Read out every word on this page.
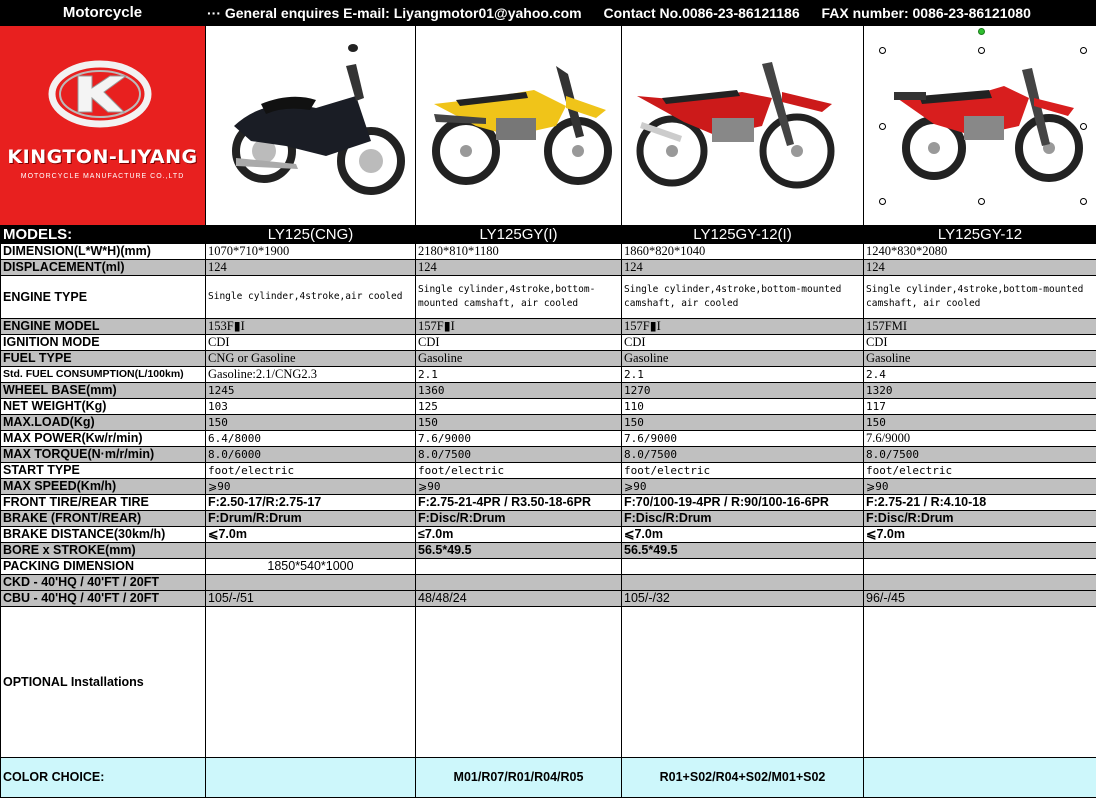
Motorcycle	··· General enquires E-mail: Liyangmotor01@yahoo.com Contact No.0086-23-86121186 FAX number: 0086-23-86121080
KINGTON-LIYANG
MOTORCYCLE MANUFACTURE CO.,LTD
MODELS:	LY125(CNG)	LY125GY(I)	LY125GY-12(I)	LY125GY-12
DIMENSION(L*W*H)(mm)	1070*710*1900	2180*810*1180	1860*820*1040	1240*830*2080
DISPLACEMENT(ml)	124	124	124	124
ENGINE TYPE	Single cylinder,4stroke,air cooled	Single cylinder,4stroke,bottom-mounted camshaft, air cooled	Single cylinder,4stroke,bottom-mounted camshaft, air cooled	Single cylinder,4stroke,bottom-mounted camshaft, air cooled
ENGINE MODEL	153F▮I	157F▮I	157F▮I	157FMI
IGNITION MODE	CDI	CDI	CDI	CDI
FUEL TYPE	CNG or Gasoline	Gasoline	Gasoline	Gasoline
Std. FUEL CONSUMPTION(L/100km)	Gasoline:2.1/CNG2.3	2.1	2.1	2.4
WHEEL BASE(mm)	1245	1360	1270	1320
NET WEIGHT(Kg)	103	125	110	117
MAX.LOAD(Kg)	150	150	150	150
MAX POWER(Kw/r/min)	6.4/8000	7.6/9000	7.6/9000	7.6/9000
MAX TORQUE(N·m/r/min)	8.0/6000	8.0/7500	8.0/7500	8.0/7500
START TYPE	foot/electric	foot/electric	foot/electric	foot/electric
MAX SPEED(Km/h)	⩾90	⩾90	⩾90	⩾90
FRONT TIRE/REAR TIRE	F:2.50-17/R:2.75-17	F:2.75-21-4PR / R3.50-18-6PR	F:70/100-19-4PR / R:90/100-16-6PR	F:2.75-21 / R:4.10-18
BRAKE (FRONT/REAR)	F:Drum/R:Drum	F:Disc/R:Drum	F:Disc/R:Drum	F:Disc/R:Drum
BRAKE DISTANCE(30km/h)	⩽7.0m	≤7.0m	⩽7.0m	⩽7.0m
BORE x STROKE(mm)		56.5*49.5	56.5*49.5	
PACKING DIMENSION	1850*540*1000			
CKD - 40'HQ / 40'FT / 20FT				
CBU - 40'HQ / 40'FT / 20FT	105/-/51	48/48/24	105/-/32	96/-/45
OPTIONAL Installations				
COLOR CHOICE:		M01/R07/R01/R04/R05	R01+S02/R04+S02/M01+S02	
